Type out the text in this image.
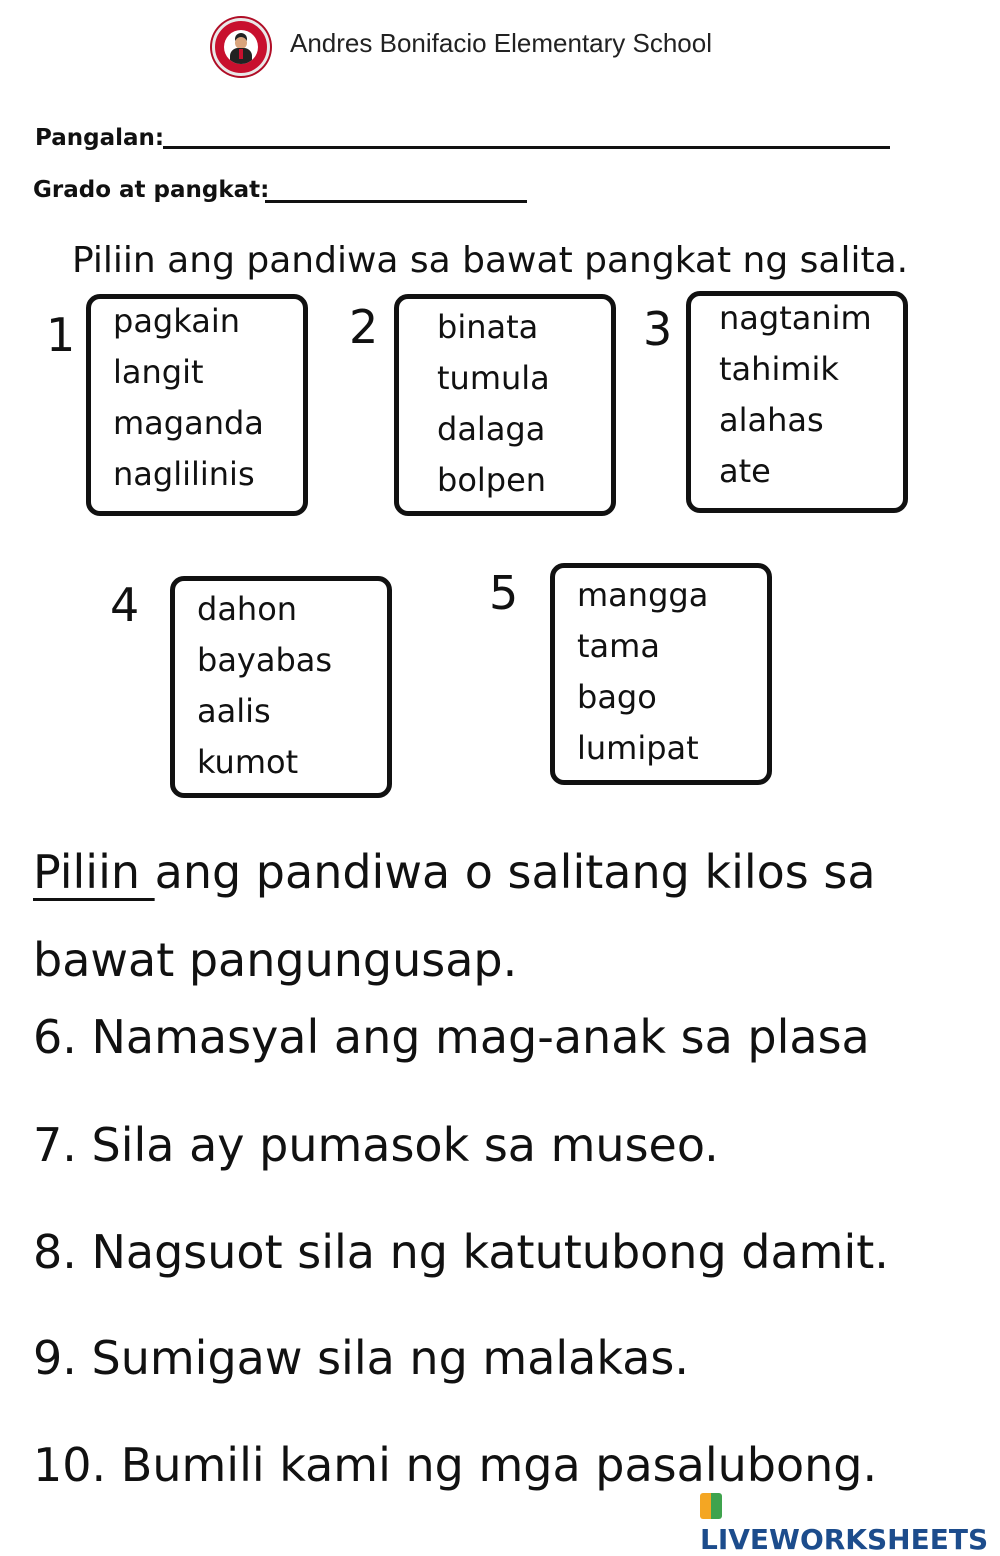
Andres Bonifacio Elementary School
Pangalan:
Grado at pangkat:
Piliin ang pandiwa sa bawat pangkat ng salita.
1 pagkain
langit
maganda
naglilinis
2 binata
tumula
dalaga
bolpen
3 nagtanim
tahimik
alahas
ate
4 dahon
bayabas
aalis
kumot
5 mangga
tama
bago
lumipat
Piliin ang pandiwa o salitang kilos sa bawat pangungusap.
6. Namasyal ang mag-anak sa plasa
7. Sila ay pumasok sa museo.
8. Nagsuot sila ng katutubong damit.
9. Sumigaw sila ng malakas.
10. Bumili kami ng mga pasalubong.
LIVEWORKSHEETS
